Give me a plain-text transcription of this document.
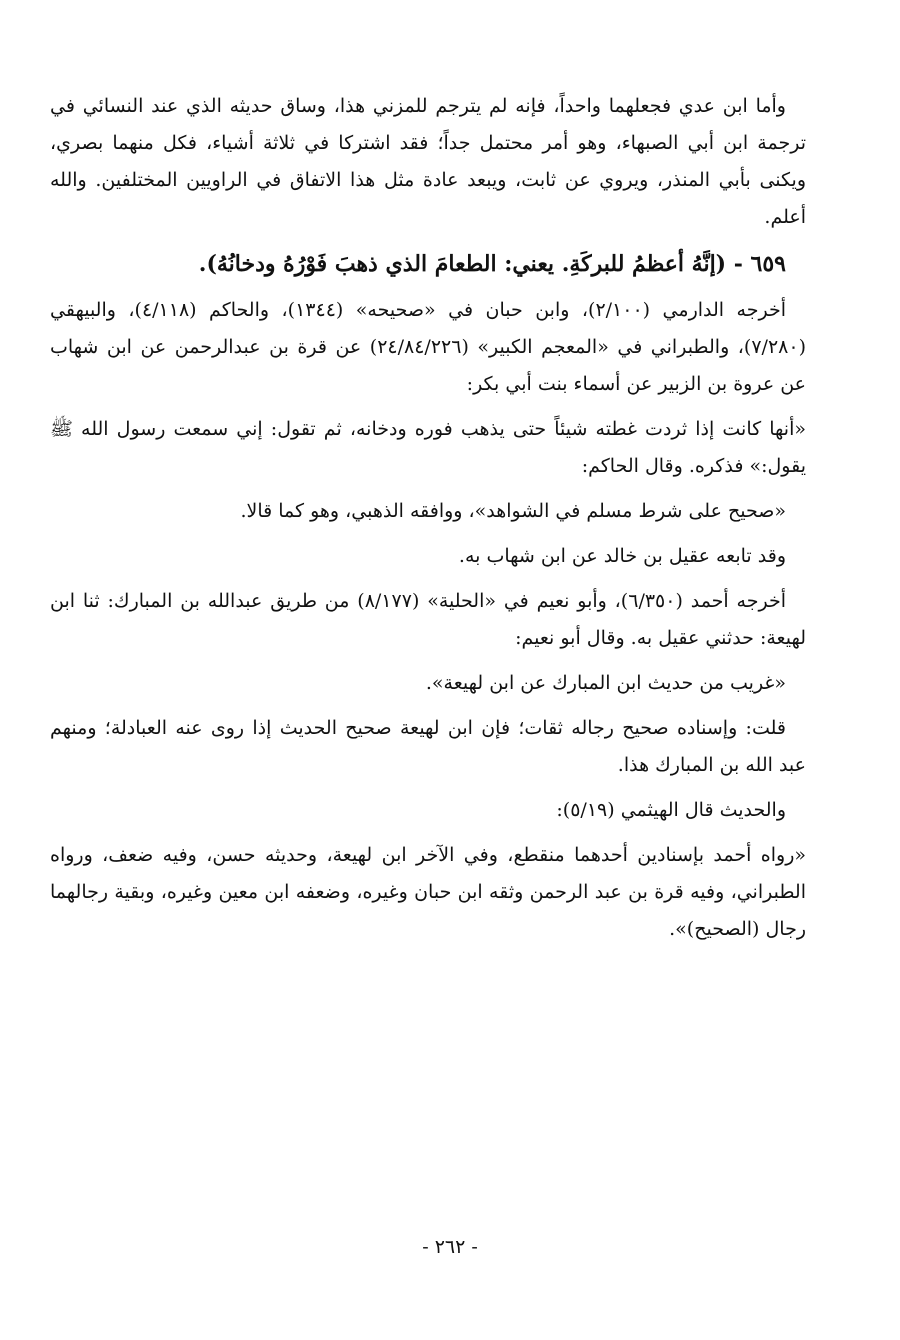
وأما ابن عدي فجعلهما واحداً، فإنه لم يترجم للمزني هذا، وساق حديثه الذي عند النسائي في ترجمة ابن أبي الصبهاء، وهو أمر محتمل جداً؛ فقد اشتركا في ثلاثة أشياء، فكل منهما بصري، ويكنى بأبي المنذر، ويروي عن ثابت، ويبعد عادة مثل هذا الاتفاق في الراويين المختلفين. والله أعلم.

٦٥٩ - (إنَّهُ أعظمُ للبركَةِ. يعني: الطعامَ الذي ذهبَ فَوْرُهُ ودخانُهُ).

أخرجه الدارمي (٢/١٠٠)، وابن حبان في «صحيحه» (١٣٤٤)، والحاكم (٤/١١٨)، والبيهقي (٧/٢٨٠)، والطبراني في «المعجم الكبير» (٢٤/٨٤/٢٢٦) عن قرة بن عبدالرحمن عن ابن شهاب عن عروة بن الزبير عن أسماء بنت أبي بكر:

«أنها كانت إذا ثردت غطته شيئاً حتى يذهب فوره ودخانه، ثم تقول: إني سمعت رسول الله ﷺ يقول:» فذكره. وقال الحاكم:

«صحيح على شرط مسلم في الشواهد»، ووافقه الذهبي، وهو كما قالا.

وقد تابعه عقيل بن خالد عن ابن شهاب به.

أخرجه أحمد (٦/٣٥٠)، وأبو نعيم في «الحلية» (٨/١٧٧) من طريق عبدالله بن المبارك: ثنا ابن لهيعة: حدثني عقيل به. وقال أبو نعيم:

«غريب من حديث ابن المبارك عن ابن لهيعة».

قلت: وإسناده صحيح رجاله ثقات؛ فإن ابن لهيعة صحيح الحديث إذا روى عنه العبادلة؛ ومنهم عبد الله بن المبارك هذا.

والحديث قال الهيثمي (٥/١٩):

«رواه أحمد بإسنادين أحدهما منقطع، وفي الآخر ابن لهيعة، وحديثه حسن، وفيه ضعف، ورواه الطبراني، وفيه قرة بن عبد الرحمن وثقه ابن حبان وغيره، وضعفه ابن معين وغيره، وبقية رجالهما رجال (الصحيح)».

- ٢٦٢ -
